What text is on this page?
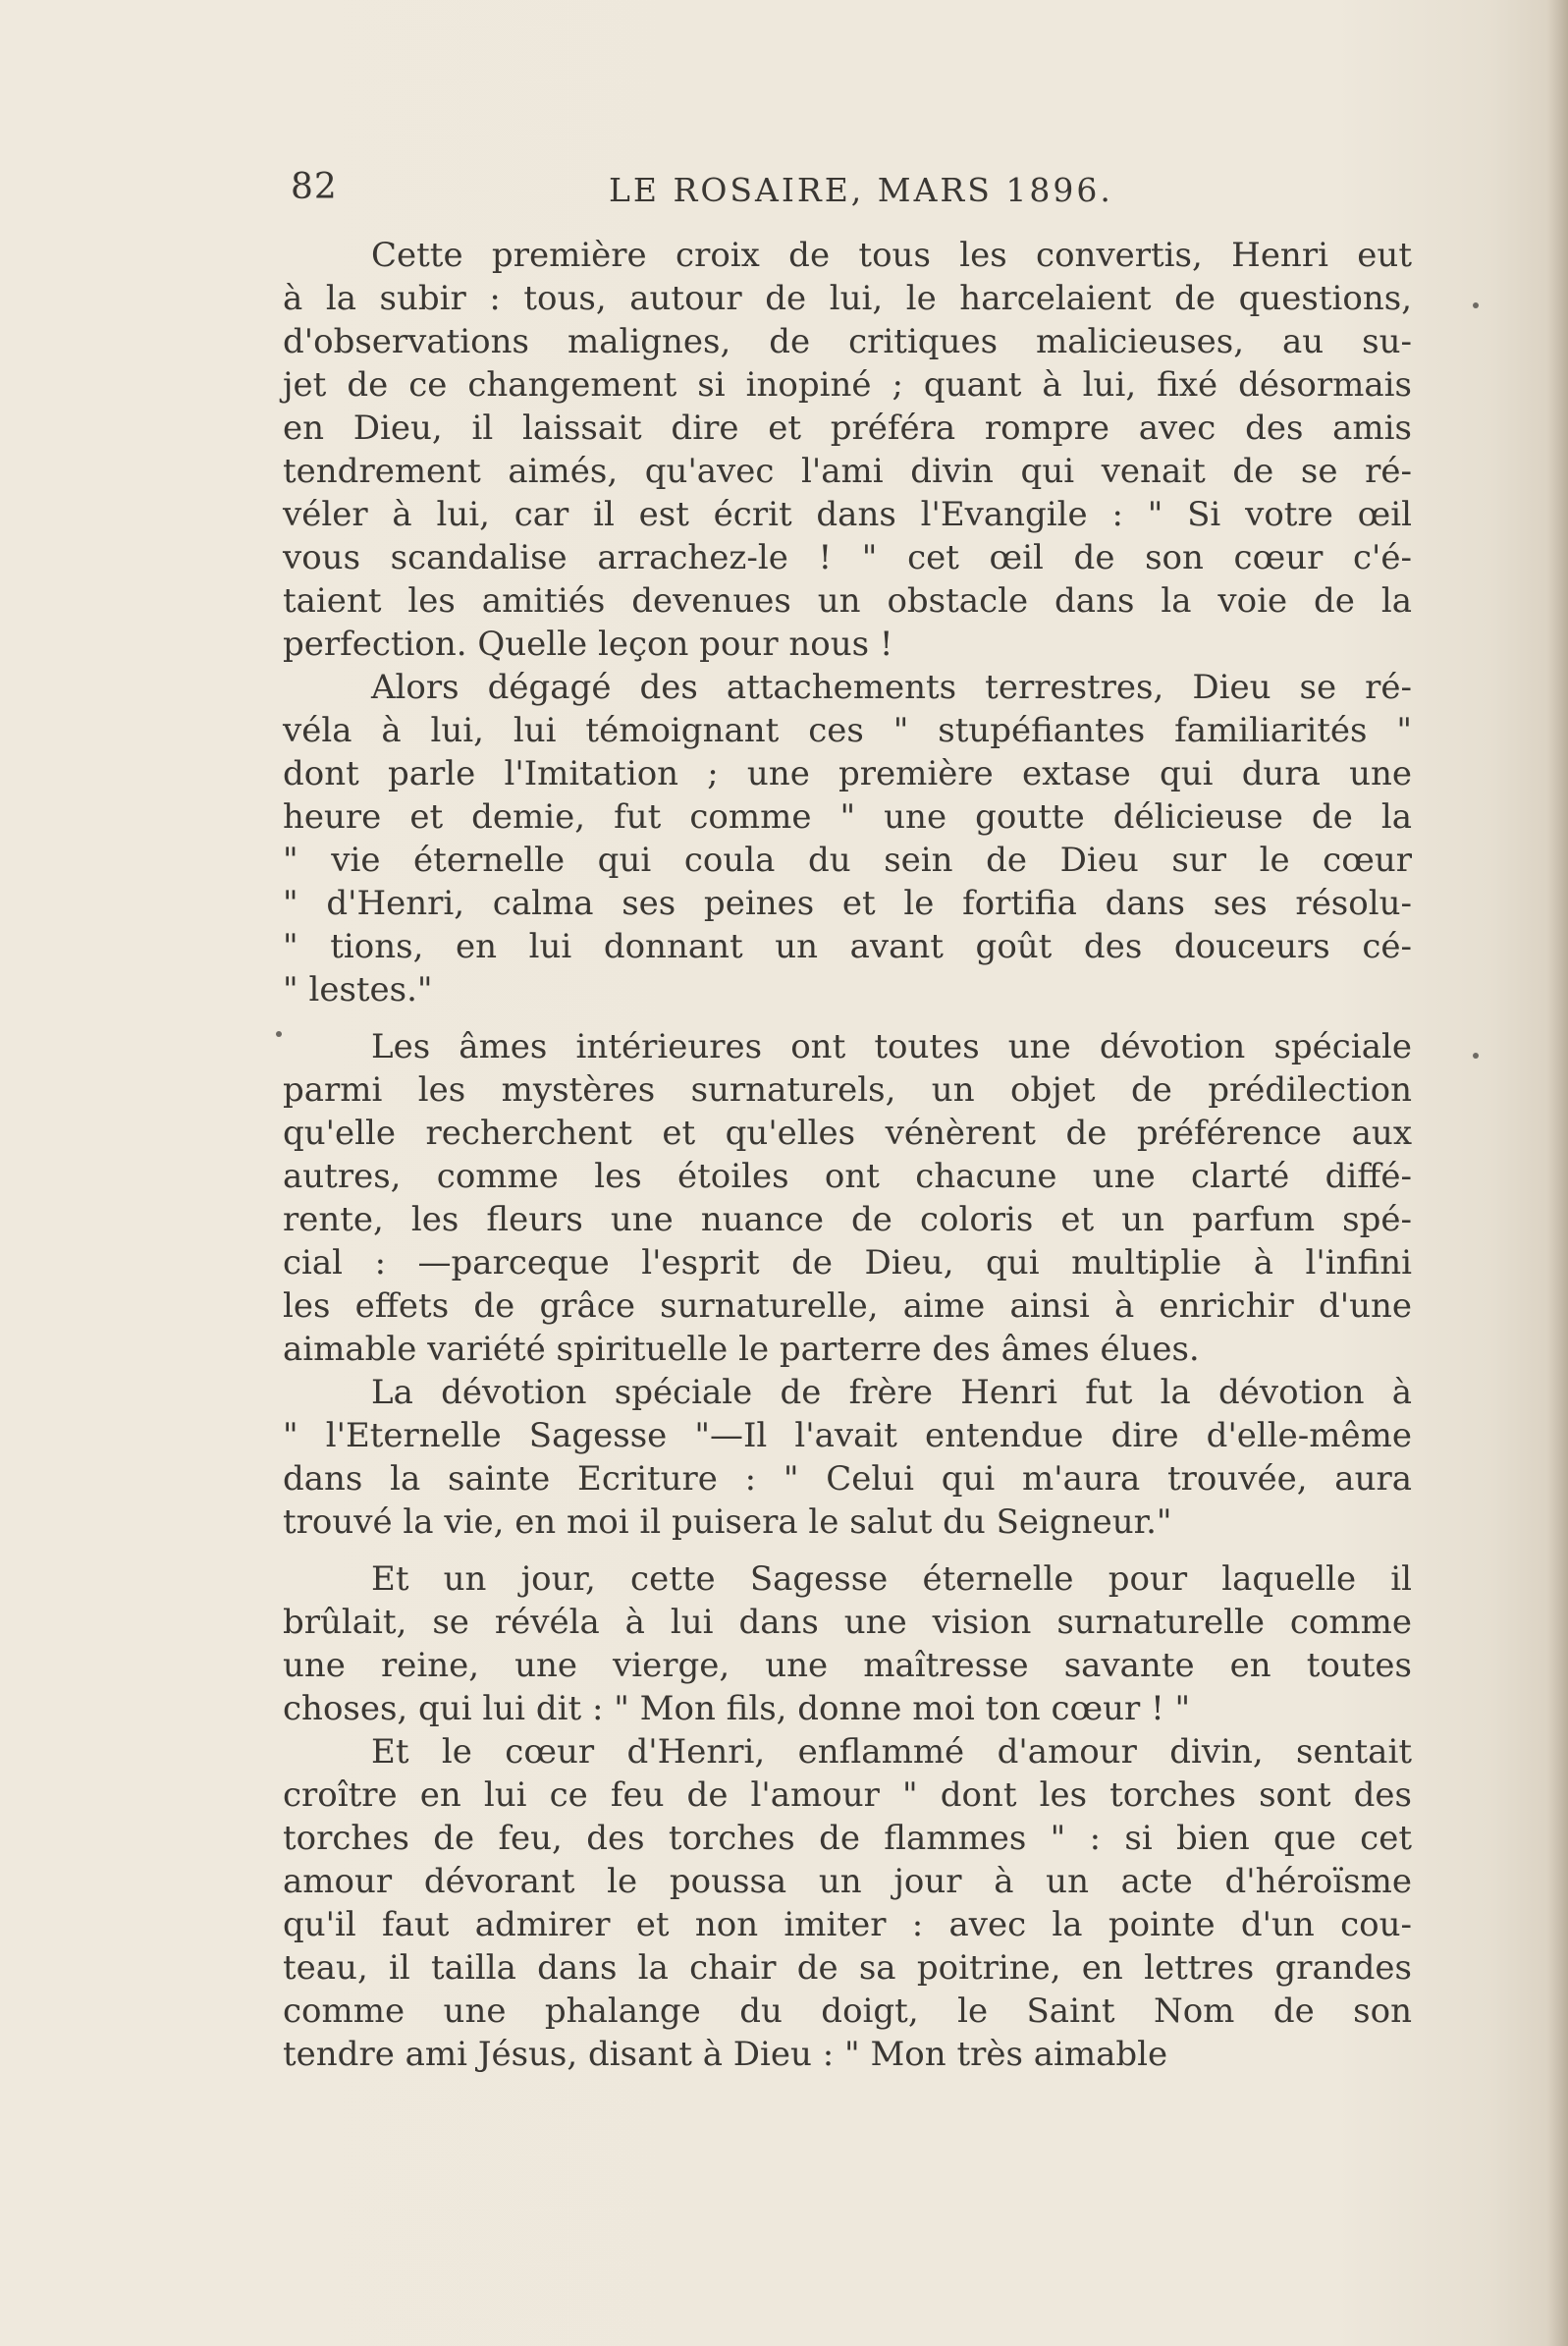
82	LE ROSAIRE, MARS 1896.
Cette première croix de tous les convertis, Henri eut
à la subir : tous, autour de lui, le harcelaient de questions,
d'observations malignes, de critiques malicieuses, au su-
jet de ce changement si inopiné ; quant à lui, fixé désormais
en Dieu, il laissait dire et préféra rompre avec des amis
tendrement aimés, qu'avec l'ami divin qui venait de se ré-
véler à lui, car il est écrit dans l'Evangile : " Si votre œil
vous scandalise arrachez-le ! " cet œil de son cœur c'é-
taient les amitiés devenues un obstacle dans la voie de la
perfection. Quelle leçon pour nous !
Alors dégagé des attachements terrestres, Dieu se ré-
véla à lui, lui témoignant ces " stupéfiantes familiarités "
dont parle l'Imitation ; une première extase qui dura une
heure et demie, fut comme " une goutte délicieuse de la
" vie éternelle qui coula du sein de Dieu sur le cœur
" d'Henri, calma ses peines et le fortifia dans ses résolu-
" tions, en lui donnant un avant goût des douceurs cé-
" lestes."
Les âmes intérieures ont toutes une dévotion spéciale
parmi les mystères surnaturels, un objet de prédilection
qu'elle recherchent et qu'elles vénèrent de préférence aux
autres, comme les étoiles ont chacune une clarté diffé-
rente, les fleurs une nuance de coloris et un parfum spé-
cial : —parceque l'esprit de Dieu, qui multiplie à l'infini
les effets de grâce surnaturelle, aime ainsi à enrichir d'une
aimable variété spirituelle le parterre des âmes élues.
La dévotion spéciale de frère Henri fut la dévotion à
" l'Eternelle Sagesse "—Il l'avait entendue dire d'elle-même
dans la sainte Ecriture : " Celui qui m'aura trouvée, aura
trouvé la vie, en moi il puisera le salut du Seigneur."
Et un jour, cette Sagesse éternelle pour laquelle il
brûlait, se révéla à lui dans une vision surnaturelle comme
une reine, une vierge, une maîtresse savante en toutes
choses, qui lui dit : " Mon fils, donne moi ton cœur ! "
Et le cœur d'Henri, enflammé d'amour divin, sentait
croître en lui ce feu de l'amour " dont les torches sont des
torches de feu, des torches de flammes " : si bien que cet
amour dévorant le poussa un jour à un acte d'héroïsme
qu'il faut admirer et non imiter : avec la pointe d'un cou-
teau, il tailla dans la chair de sa poitrine, en lettres grandes
comme une phalange du doigt, le Saint Nom de son
tendre ami Jésus, disant à Dieu : " Mon très aimable
